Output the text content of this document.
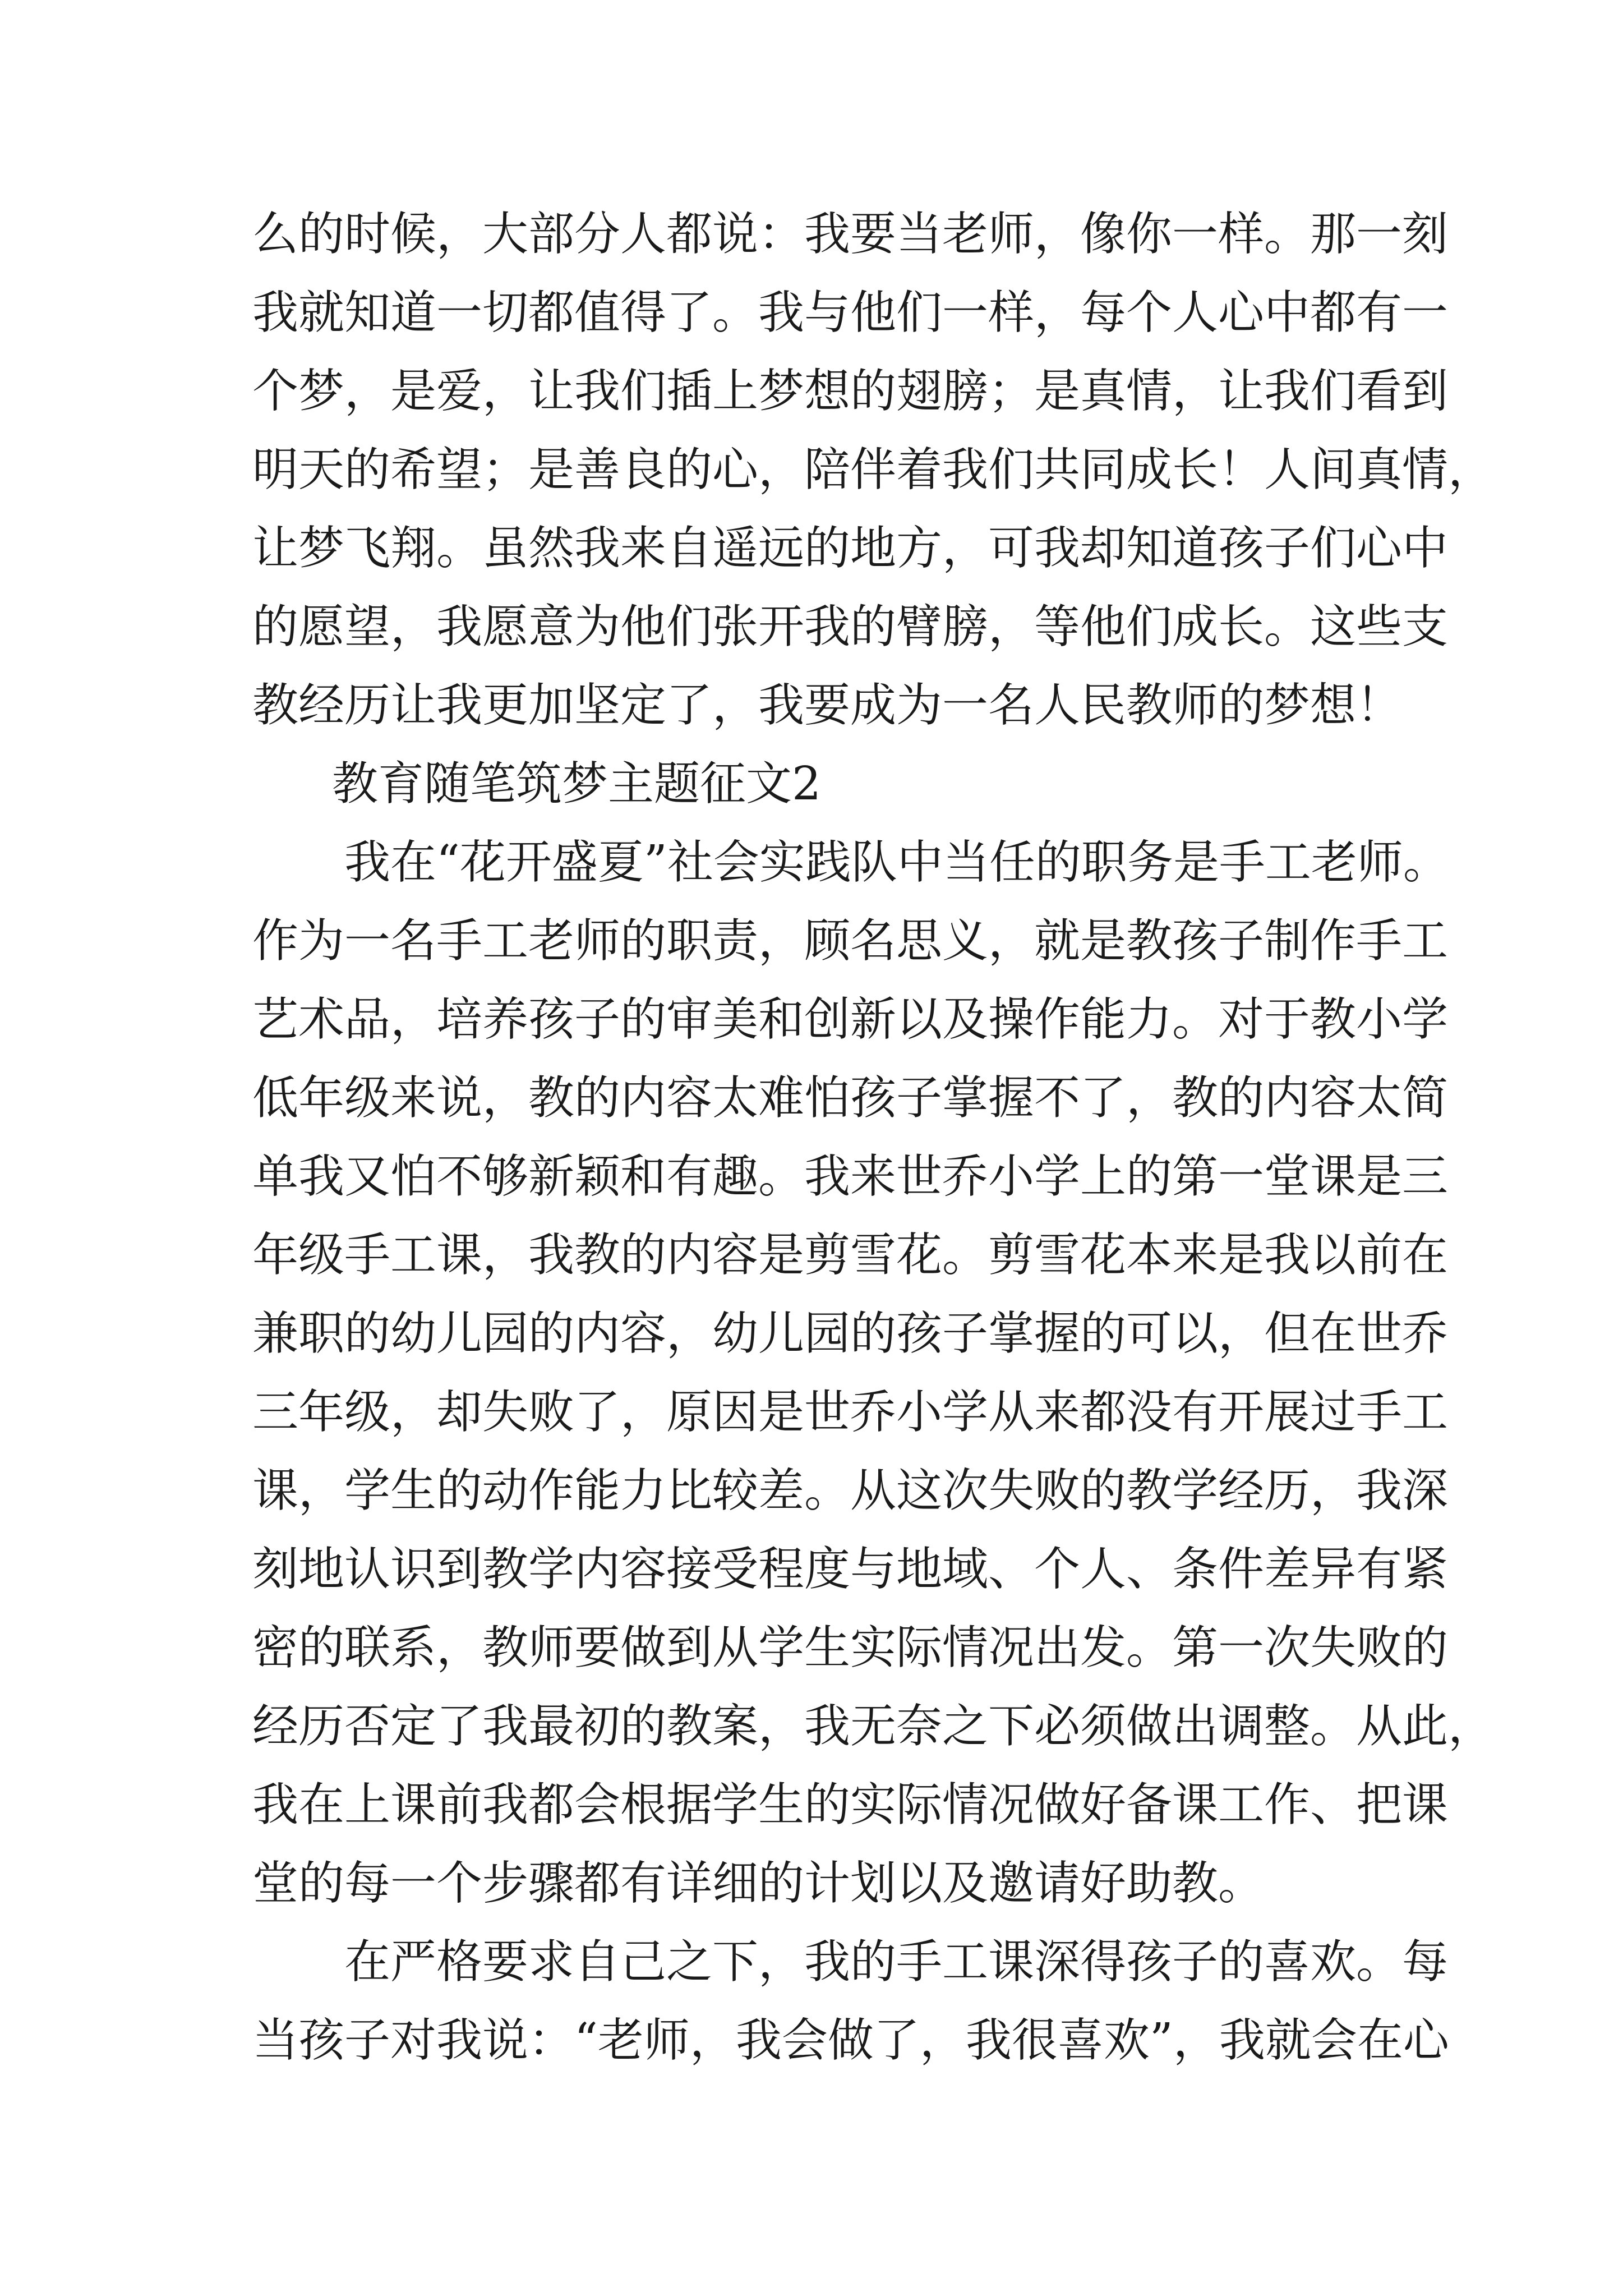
么的时候，大部分人都说：我要当老师，像你一样。那一刻
我就知道一切都值得了。我与他们一样，每个人心中都有一
个梦，是爱，让我们插上梦想的翅膀；是真情，让我们看到
明天的希望；是善良的心，陪伴着我们共同成长！人间真情，
让梦飞翔。虽然我来自遥远的地方，可我却知道孩子们心中
的愿望，我愿意为他们张开我的臂膀，等他们成长。这些支
教经历让我更加坚定了，我要成为一名人民教师的梦想！
教育随笔筑梦主题征文2
我在“花开盛夏”社会实践队中当任的职务是手工老师。
作为一名手工老师的职责，顾名思义，就是教孩子制作手工
艺术品，培养孩子的审美和创新以及操作能力。对于教小学
低年级来说，教的内容太难怕孩子掌握不了，教的内容太简
单我又怕不够新颖和有趣。我来世乔小学上的第一堂课是三
年级手工课，我教的内容是剪雪花。剪雪花本来是我以前在
兼职的幼儿园的内容，幼儿园的孩子掌握的可以，但在世乔
三年级，却失败了，原因是世乔小学从来都没有开展过手工
课，学生的动作能力比较差。从这次失败的教学经历，我深
刻地认识到教学内容接受程度与地域、个人、条件差异有紧
密的联系，教师要做到从学生实际情况出发。第一次失败的
经历否定了我最初的教案，我无奈之下必须做出调整。从此，
我在上课前我都会根据学生的实际情况做好备课工作、把课
堂的每一个步骤都有详细的计划以及邀请好助教。
在严格要求自己之下，我的手工课深得孩子的喜欢。每
当孩子对我说：“老师，我会做了，我很喜欢”，我就会在心
